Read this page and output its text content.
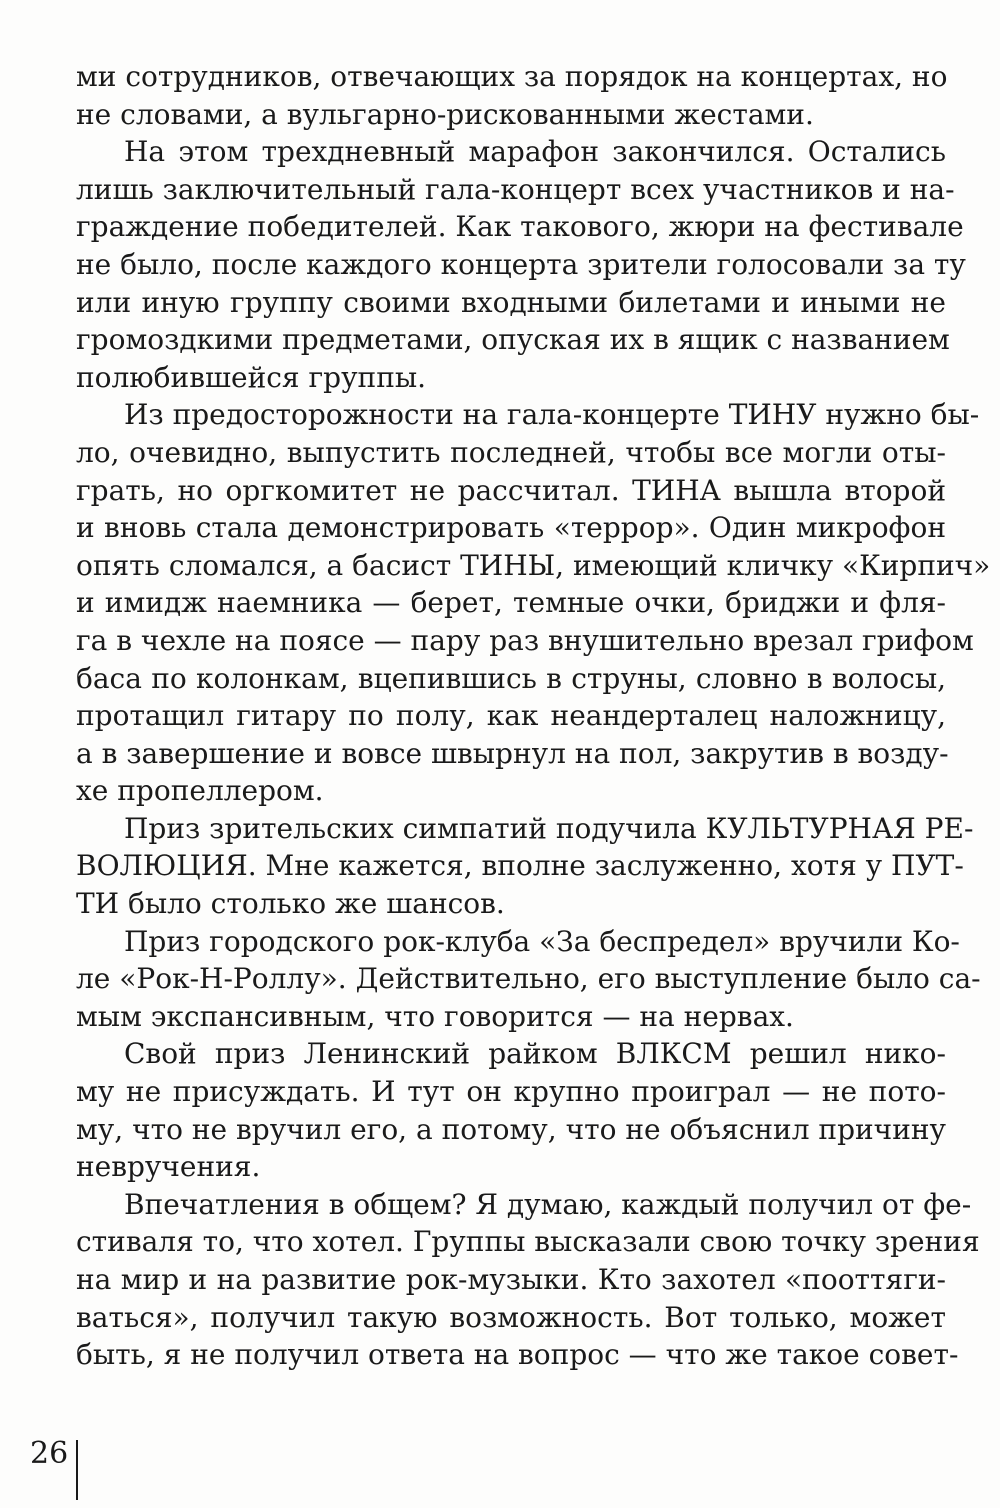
ми сотрудников, отвечающих за порядок на концертах, но
не словами, а вульгарно-рискованными жестами.
На этом трехдневный марафон закончился. Остались
лишь заключительный гала-концерт всех участников и на-
граждение победителей. Как такового, жюри на фестивале
не было, после каждого концерта зрители голосовали за ту
или иную группу своими входными билетами и иными не
громоздкими предметами, опуская их в ящик с названием
полюбившейся группы.
Из предосторожности на гала-концерте ТИНУ нужно бы-
ло, очевидно, выпустить последней, чтобы все могли оты-
грать, но оргкомитет не рассчитал. ТИНА вышла второй
и вновь стала демонстрировать «террор». Один микрофон
опять сломался, а басист ТИНЫ, имеющий кличку «Кирпич»
и имидж наемника — берет, темные очки, бриджи и фля-
га в чехле на поясе — пару раз внушительно врезал грифом
баса по колонкам, вцепившись в струны, словно в волосы,
протащил гитару по полу, как неандерталец наложницу,
а в завершение и вовсе швырнул на пол, закрутив в возду-
хе пропеллером.
Приз зрительских симпатий подучила КУЛЬТУРНАЯ РЕ-
ВОЛЮЦИЯ. Мне кажется, вполне заслуженно, хотя у ПУТ-
ТИ было столько же шансов.
Приз городского рок-клуба «За беспредел» вручили Ко-
ле «Рок-Н-Роллу». Действительно, его выступление было са-
мым экспансивным, что говорится — на нервах.
Свой приз Ленинский райком ВЛКСМ решил нико-
му не присуждать. И тут он крупно проиграл — не пото-
му, что не вручил его, а потому, что не объяснил причину
невручения.
Впечатления в общем? Я думаю, каждый получил от фе-
стиваля то, что хотел. Группы высказали свою точку зрения
на мир и на развитие рок-музыки. Кто захотел «пооттяги-
ваться», получил такую возможность. Вот только, может
быть, я не получил ответа на вопрос — что же такое совет-
26
